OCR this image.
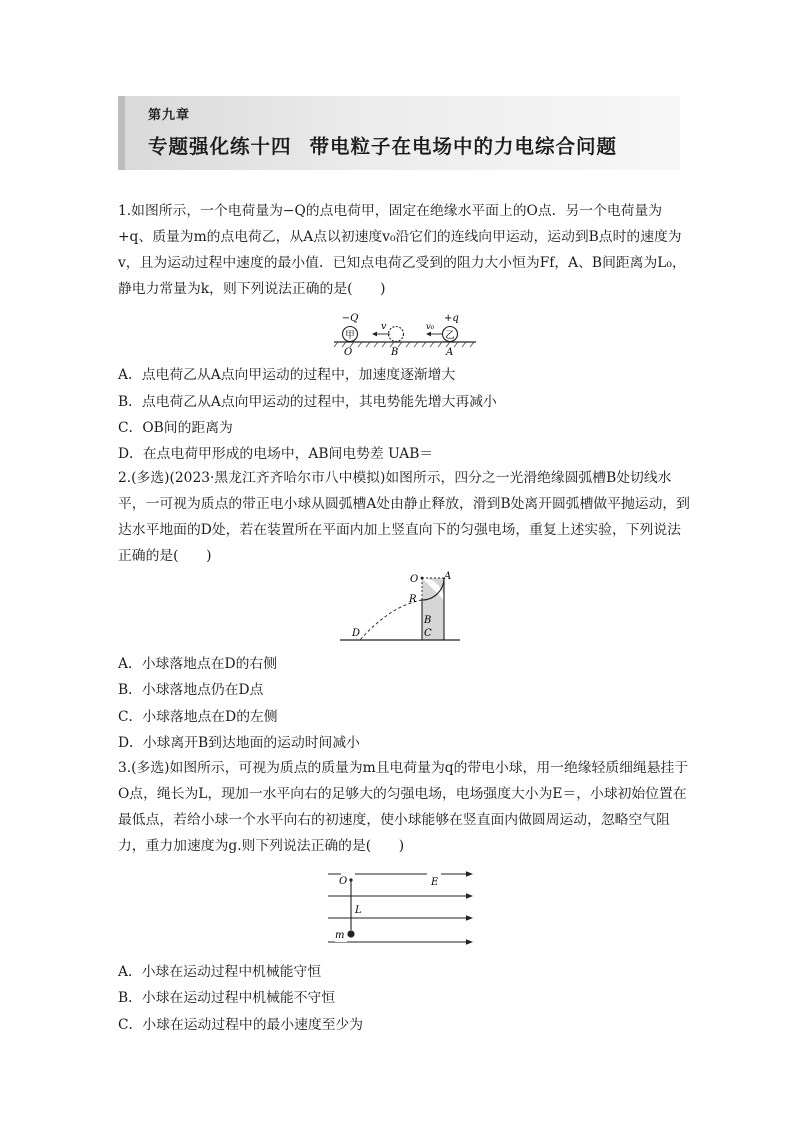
第九章
专题强化练十四 带电粒子在电场中的力电综合问题
1.如图所示，一个电荷量为−Q的点电荷甲，固定在绝缘水平面上的O点．另一个电荷量为+q、质量为m的点电荷乙，从A点以初速度v₀沿它们的连线向甲运动，运动到B点时的速度为v，且为运动过程中速度的最小值．已知点电荷乙受到的阻力大小恒为Ff，A、B间距离为L₀，静电力常量为k，则下列说法正确的是(　　)
甲
−Q
v
乙
v₀
+q
O	B	A
A．点电荷乙从A点向甲运动的过程中，加速度逐渐增大
B．点电荷乙从A点向甲运动的过程中，其电势能先增大再减小
C．OB间的距离为
D．在点电荷甲形成的电场中，AB间电势差 UAB＝
2.(多选)(2023·黑龙江齐齐哈尔市八中模拟)如图所示，四分之一光滑绝缘圆弧槽B处切线水平，一可视为质点的带正电小球从圆弧槽A处由静止释放，滑到B处离开圆弧槽做平抛运动，到达水平地面的D处，若在装置所在平面内加上竖直向下的匀强电场，重复上述实验，下列说法正确的是(　　)
O	A
R
B
C
D
A．小球落地点在D的右侧
B．小球落地点仍在D点
C．小球落地点在D的左侧
D．小球离开B到达地面的运动时间减小
3.(多选)如图所示，可视为质点的质量为m且电荷量为q的带电小球，用一绝缘轻质细绳悬挂于O点，绳长为L，现加一水平向右的足够大的匀强电场，电场强度大小为E＝，小球初始位置在最低点，若给小球一个水平向右的初速度，使小球能够在竖直面内做圆周运动，忽略空气阻力，重力加速度为g.则下列说法正确的是(　　)
O	E
L
m
A．小球在运动过程中机械能守恒
B．小球在运动过程中机械能不守恒
C．小球在运动过程中的最小速度至少为
